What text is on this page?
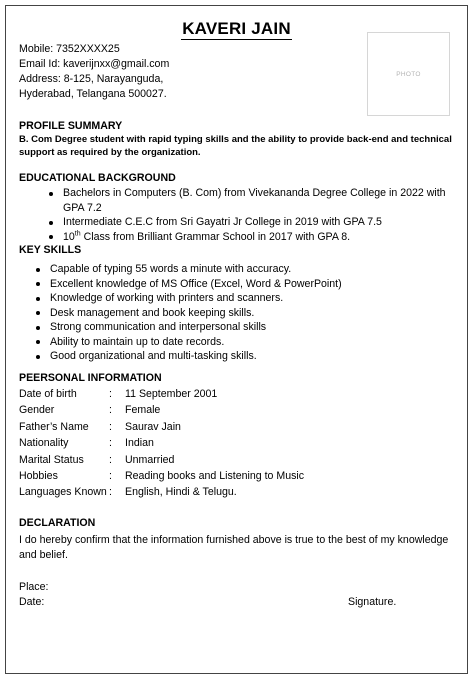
KAVERI JAIN
Mobile: 7352XXXX25
Email Id: kaverijnxx@gmail.com
Address: 8-125, Narayanguda,
Hyderabad, Telangana 500027.
PHOTO
PROFILE SUMMARY
B. Com Degree student with rapid typing skills and the ability to provide back-end and technical support as required by the organization.
EDUCATIONAL BACKGROUND
Bachelors in Computers (B. Com) from Vivekananda Degree College in 2022 with GPA 7.2
Intermediate C.E.C from Sri Gayatri Jr College in 2019 with GPA 7.5
10th Class from Brilliant Grammar School in 2017 with GPA 8.
KEY SKILLS
Capable of typing 55 words a minute with accuracy.
Excellent knowledge of MS Office (Excel, Word & PowerPoint)
Knowledge of working with printers and scanners.
Desk management and book keeping skills.
Strong communication and interpersonal skills
Ability to maintain up to date records.
Good organizational and multi-tasking skills.
PEERSONAL INFORMATION
Date of birth	:	11 September 2001
Gender	:	Female
Father’s Name	:	Saurav Jain
Nationality	:	Indian
Marital Status	:	Unmarried
Hobbies	:	Reading books and Listening to Music
Languages Known	:	English, Hindi & Telugu.
DECLARATION
I do hereby confirm that the information furnished above is true to the best of my knowledge and belief.
Place:
Date:	Signature.
